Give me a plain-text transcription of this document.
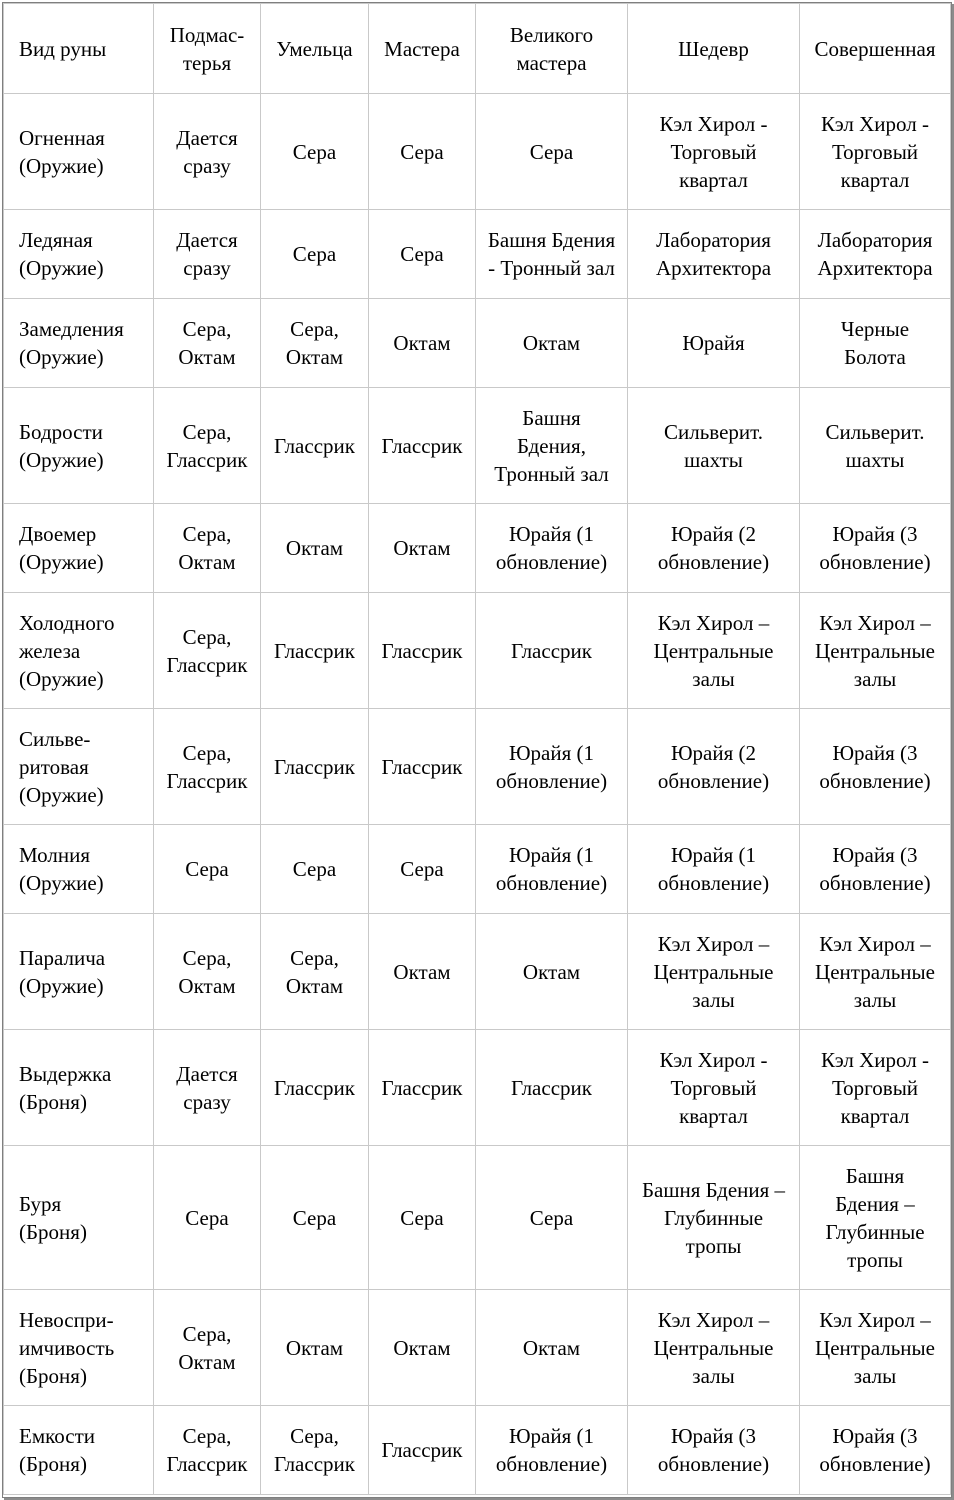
Вид руны	Подмас-
терья	Умельца	Мастера	Великого
мастера	Шедевр	Совершенная
Огненная
(Оружие)	Дается
сразу	Сера	Сера	Сера	Кэл Хирол -
Торговый
квартал	Кэл Хирол -
Торговый
квартал
Ледяная
(Оружие)	Дается
сразу	Сера	Сера	Башня Бдения
- Тронный зал	Лаборатория
Архитектора	Лаборатория
Архитектора
Замедления
(Оружие)	Сера,
Октам	Сера,
Октам	Октам	Октам	Юрайя	Черные
Болота
Бодрости
(Оружие)	Сера,
Глассрик	Глассрик	Глассрик	Башня
Бдения,
Тронный зал	Сильверит.
шахты	Сильверит.
шахты
Двоемер
(Оружие)	Сера,
Октам	Октам	Октам	Юрайя (1
обновление)	Юрайя (2
обновление)	Юрайя (3
обновление)
Холодного
железа
(Оружие)	Сера,
Глассрик	Глассрик	Глассрик	Глассрик	Кэл Хирол –
Центральные
залы	Кэл Хирол –
Центральные
залы
Сильве-
ритовая
(Оружие)	Сера,
Глассрик	Глассрик	Глассрик	Юрайя (1
обновление)	Юрайя (2
обновление)	Юрайя (3
обновление)
Молния
(Оружие)	Сера	Сера	Сера	Юрайя (1
обновление)	Юрайя (1
обновление)	Юрайя (3
обновление)
Паралича
(Оружие)	Сера,
Октам	Сера,
Октам	Октам	Октам	Кэл Хирол –
Центральные
залы	Кэл Хирол –
Центральные
залы
Выдержка
(Броня)	Дается
сразу	Глассрик	Глассрик	Глассрик	Кэл Хирол -
Торговый
квартал	Кэл Хирол -
Торговый
квартал
Буря
(Броня)	Сера	Сера	Сера	Сера	Башня Бдения –
Глубинные
тропы	Башня
Бдения –
Глубинные
тропы
Невоспри-
имчивость
(Броня)	Сера,
Октам	Октам	Октам	Октам	Кэл Хирол –
Центральные
залы	Кэл Хирол –
Центральные
залы
Емкости
(Броня)	Сера,
Глассрик	Сера,
Глассрик	Глассрик	Юрайя (1
обновление)	Юрайя (3
обновление)	Юрайя (3
обновление)
